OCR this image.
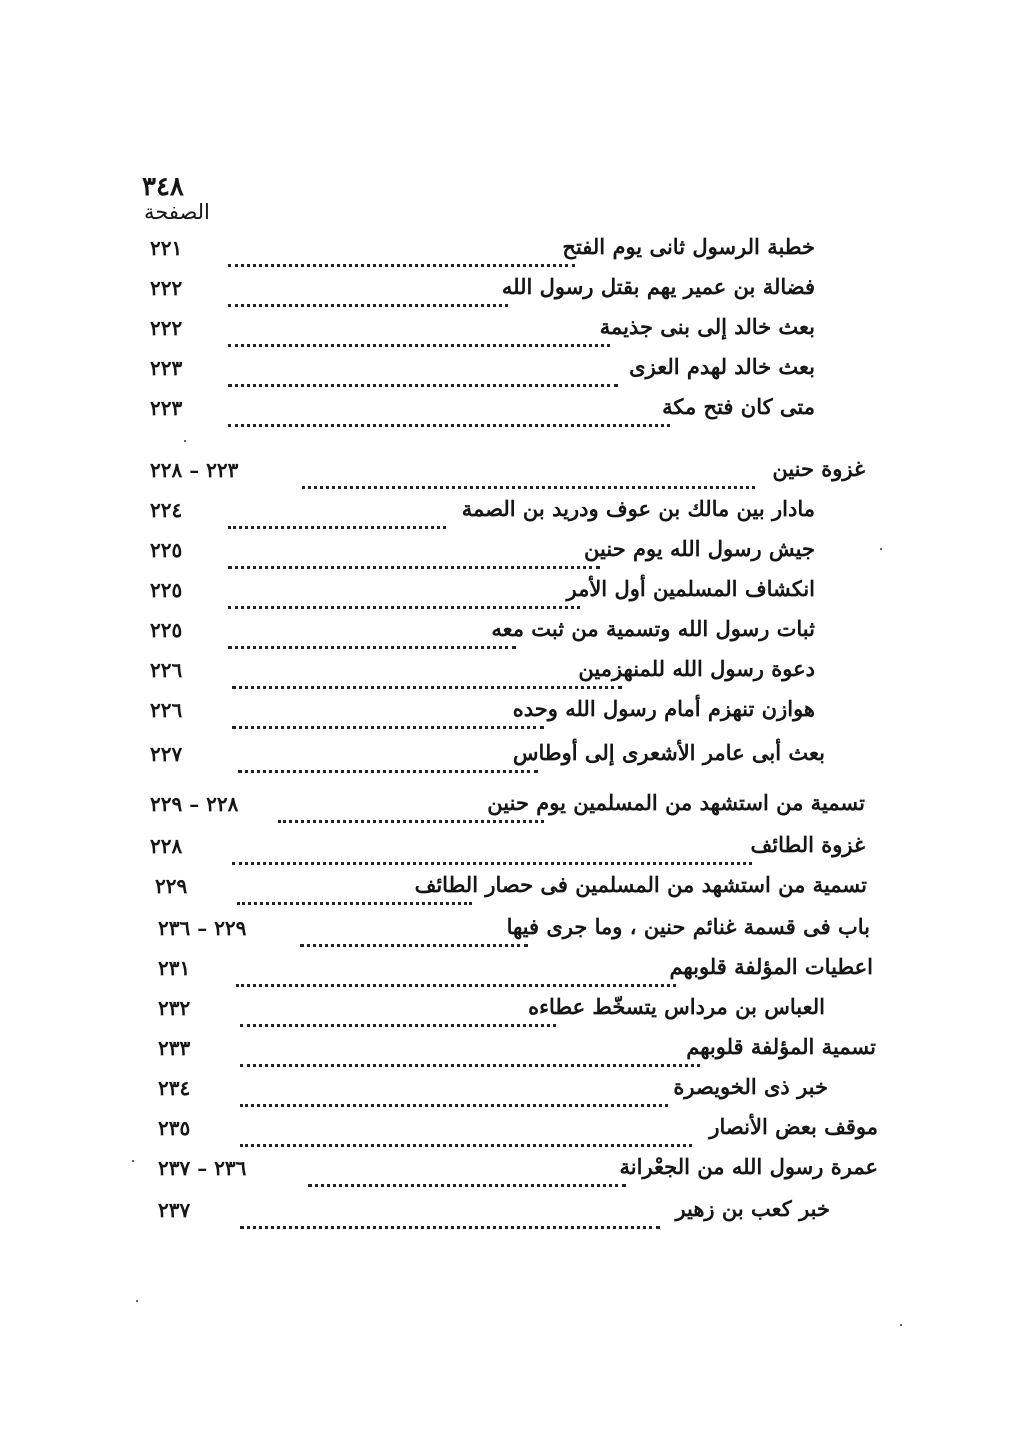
٣٤٨
الصفحة
خطبة الرسول ثانى يوم الفتح
٢٢١
فضالة بن عمير يهم بقتل رسول الله
٢٢٢
بعث خالد إلى بنى جذيمة
٢٢٢
بعث خالد لهدم العزى
٢٢٣
متى كان فتح مكة
٢٢٣
غزوة حنين
٢٢٣ – ٢٢٨
مادار بين مالك بن عوف ودريد بن الصمة
٢٢٤
جيش رسول الله يوم حنين
٢٢٥
انكشاف المسلمين أول الأمر
٢٢٥
ثبات رسول الله وتسمية من ثبت معه
٢٢٥
دعوة رسول الله للمنهزمين
٢٢٦
هوازن تنهزم أمام رسول الله وحده
٢٢٦
بعث أبى عامر الأشعرى إلى أوطاس
٢٢٧
تسمية من استشهد من المسلمين يوم حنين
٢٢٨ – ٢٢٩
غزوة الطائف
٢٢٨
تسمية من استشهد من المسلمين فى حصار الطائف
٢٢٩
باب فى قسمة غنائم حنين ، وما جرى فيها
٢٢٩ – ٢٣٦
اعطيات المؤلفة قلوبهم
٢٣١
العباس بن مرداس يتسخّط عطاءه
٢٣٢
تسمية المؤلفة قلوبهم
٢٣٣
خبر ذى الخويصرة
٢٣٤
موقف بعض الأنصار
٢٣٥
عمرة رسول الله من الجعْرانة
٢٣٦ – ٢٣٧
خبر كعب بن زهير
٢٣٧
